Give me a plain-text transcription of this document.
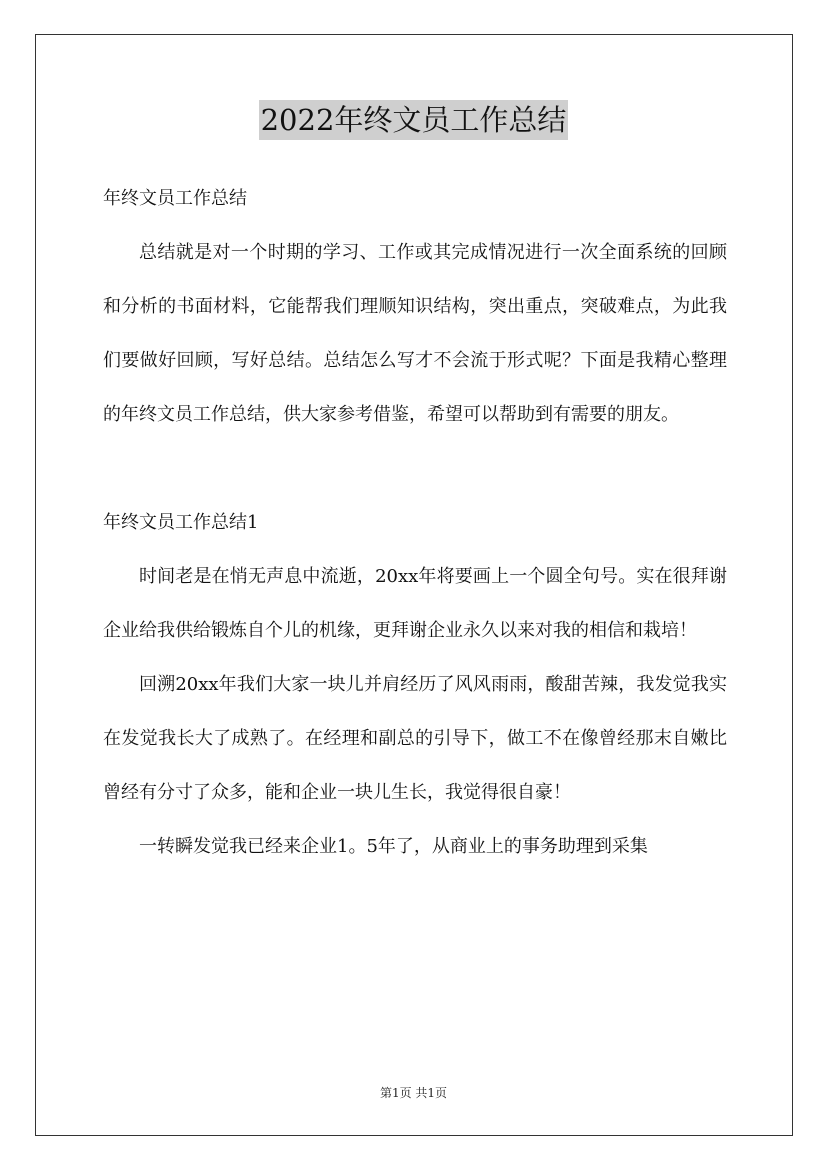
2022年终文员工作总结

年终文员工作总结

总结就是对一个时期的学习、工作或其完成情况进行一次全面系统的回顾和分析的书面材料，它能帮我们理顺知识结构，突出重点，突破难点，为此我们要做好回顾，写好总结。总结怎么写才不会流于形式呢？下面是我精心整理的年终文员工作总结，供大家参考借鉴，希望可以帮助到有需要的朋友。

年终文员工作总结1

时间老是在悄无声息中流逝，20xx年将要画上一个圆全句号。实在很拜谢企业给我供给锻炼自个儿的机缘，更拜谢企业永久以来对我的相信和栽培！

回溯20xx年我们大家一块儿并肩经历了风风雨雨，酸甜苦辣，我发觉我实在发觉我长大了成熟了。在经理和副总的引导下，做工不在像曾经那末自嫩比曾经有分寸了众多，能和企业一块儿生长，我觉得很自豪！

一转瞬发觉我已经来企业1。5年了，从商业上的事务助理到采集

第1页 共1页
